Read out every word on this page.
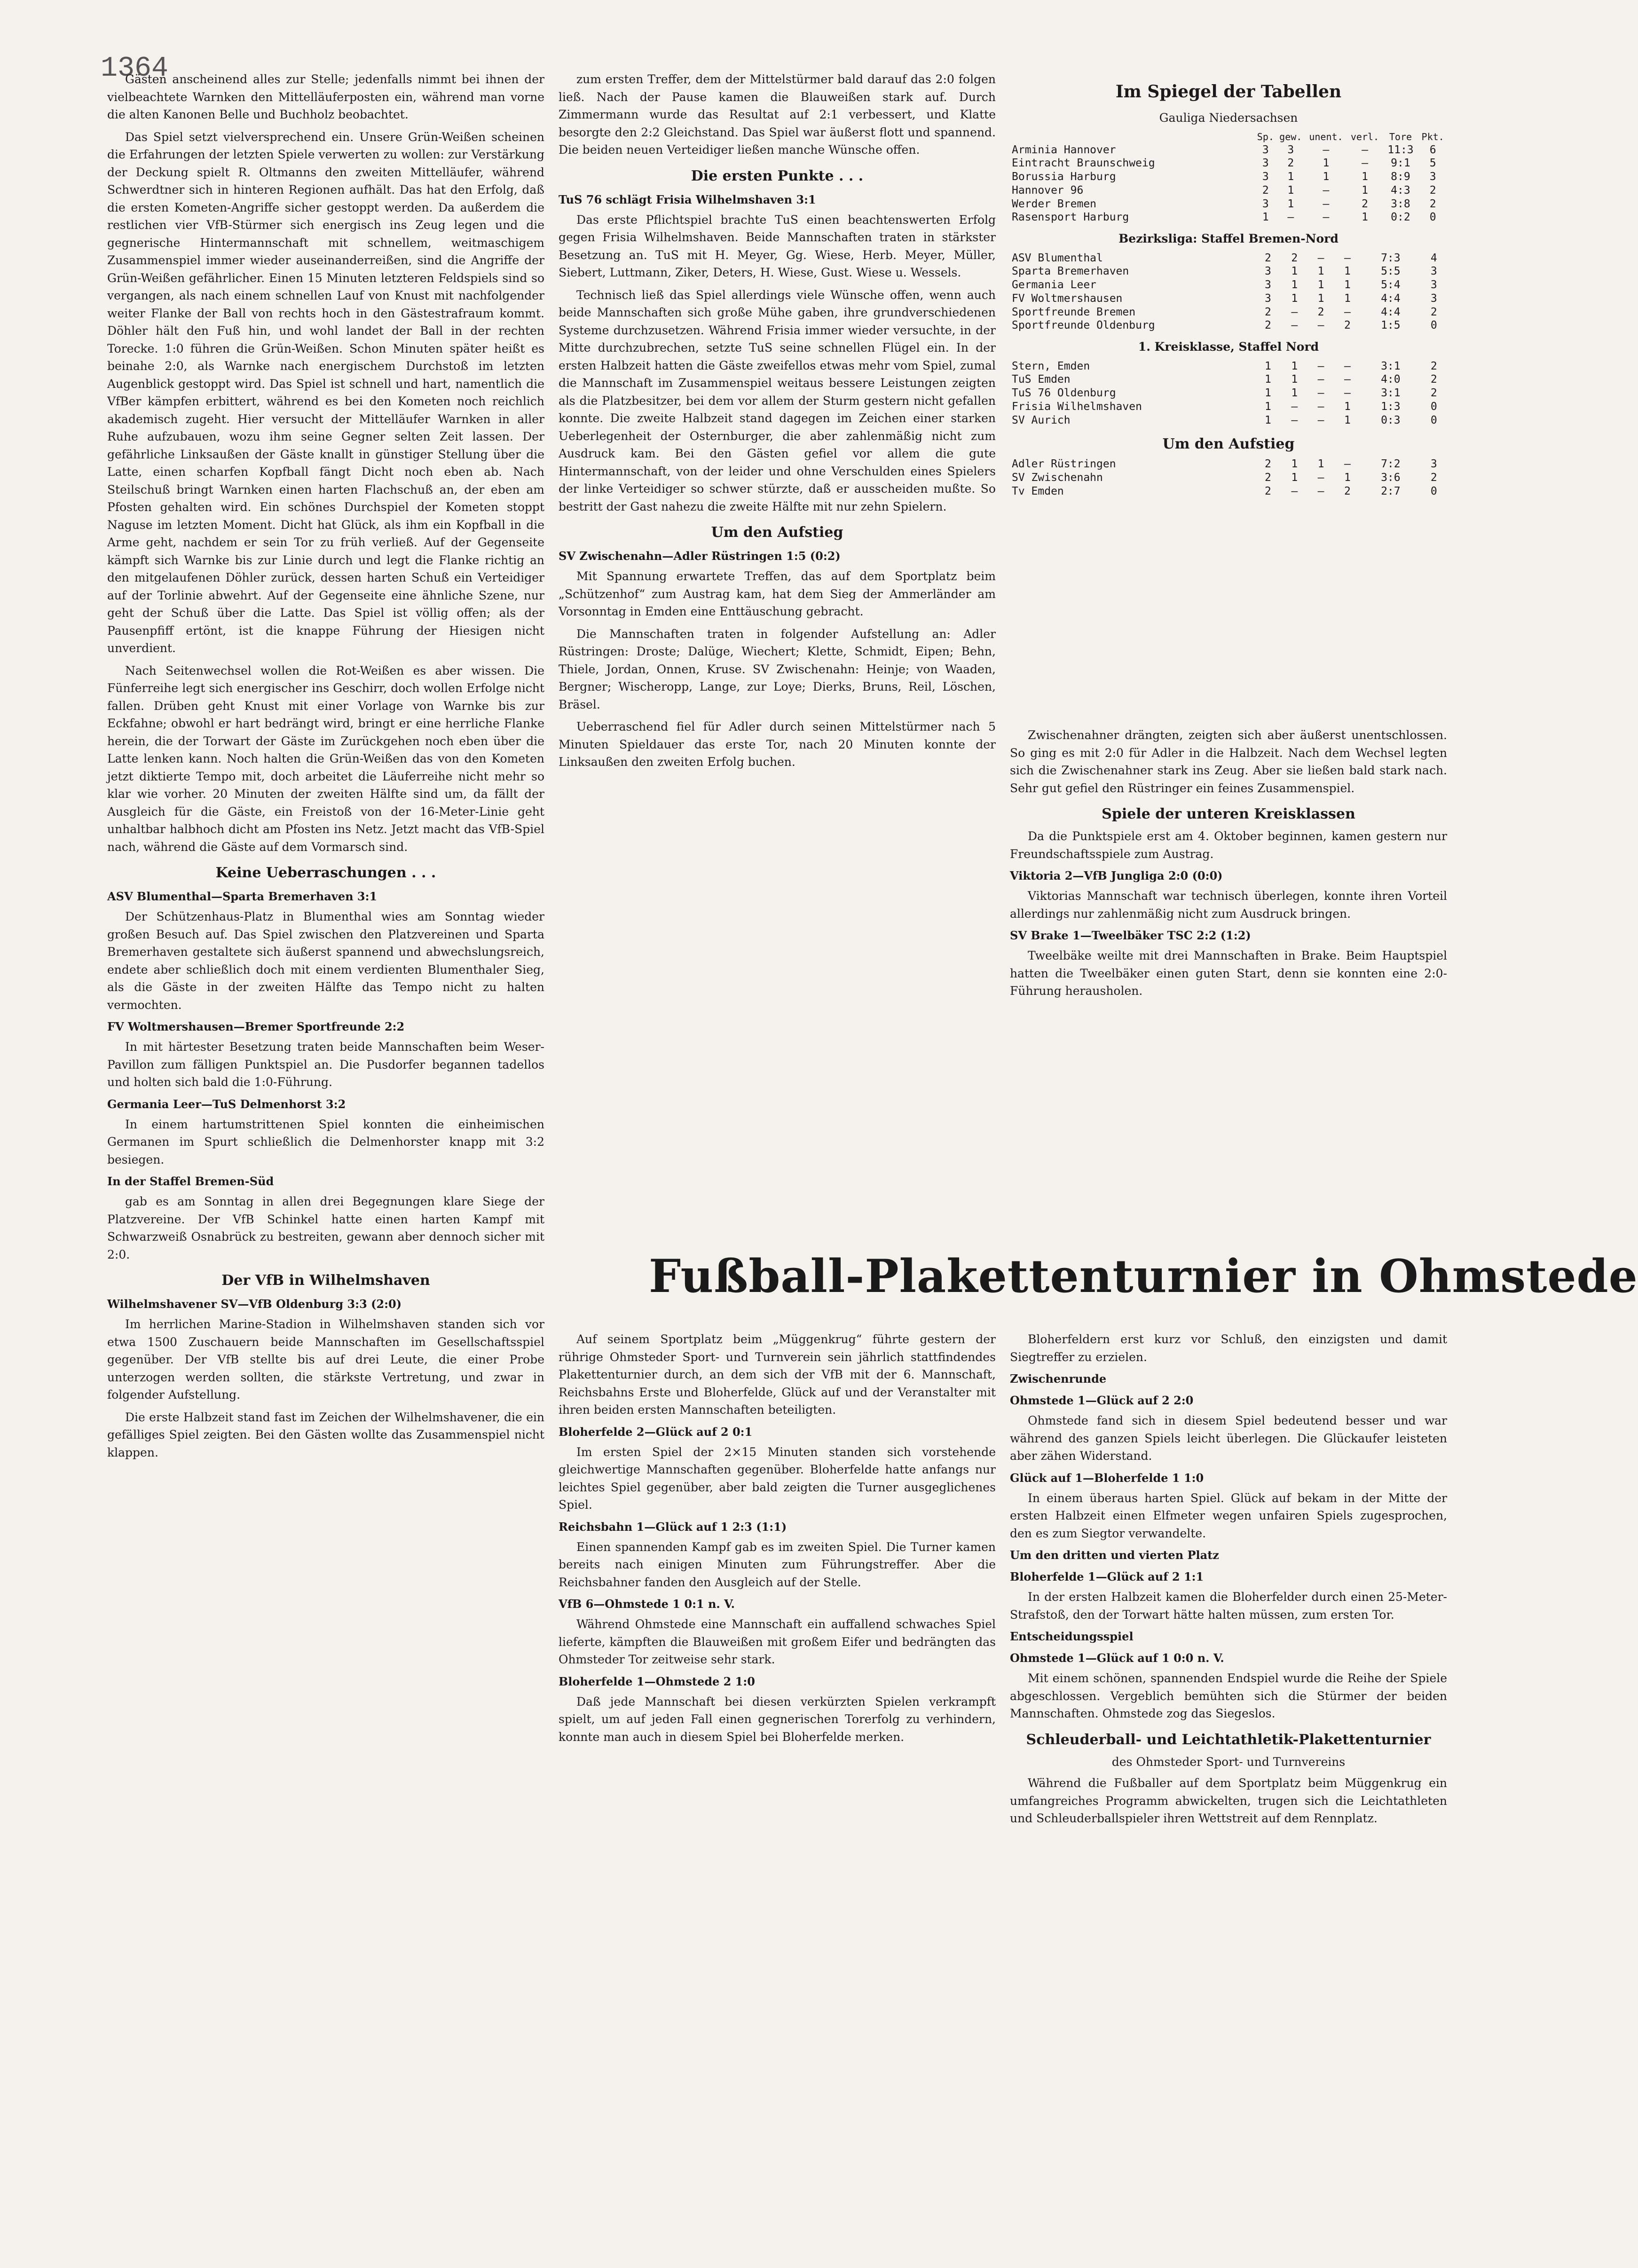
1364

Gästen anscheinend alles zur Stelle; jedenfalls nimmt bei ihnen der vielbeachtete Warnken den Mittelläuferposten ein, während man vorne die alten Kanonen Belle und Buchholz beobachtet.

Das Spiel setzt vielversprechend ein. Unsere Grün-Weißen scheinen die Erfahrungen der letzten Spiele verwerten zu wollen: zur Verstärkung der Deckung spielt R. Oltmanns den zweiten Mittelläufer, während Schwerdtner sich in hinteren Regionen aufhält. Das hat den Erfolg, daß die ersten Kometen-Angriffe sicher gestoppt werden. Da außerdem die restlichen vier VfB-Stürmer sich energisch ins Zeug legen und die gegnerische Hintermannschaft mit schnellem, weitmaschigem Zusammenspiel immer wieder auseinanderreißen, sind die Angriffe der Grün-Weißen gefährlicher. Einen 15 Minuten letzteren Feldspiels sind so vergangen, als nach einem schnellen Lauf von Knust mit nachfolgender weiter Flanke der Ball von rechts hoch in den Gästestrafraum kommt. Döhler hält den Fuß hin, und wohl landet der Ball in der rechten Torecke. 1:0 führen die Grün-Weißen. Schon Minuten später heißt es beinahe 2:0, als Warnke nach energischem Durchstoß im letzten Augenblick gestoppt wird. Das Spiel ist schnell und hart, namentlich die VfBer kämpfen erbittert, während es bei den Kometen noch reichlich akademisch zugeht. Hier versucht der Mittelläufer Warnken in aller Ruhe aufzubauen, wozu ihm seine Gegner selten Zeit lassen. Der gefährliche Linksaußen der Gäste knallt in günstiger Stellung über die Latte, einen scharfen Kopfball fängt Dicht noch eben ab. Nach Steilschuß bringt Warnken einen harten Flachschuß an, der eben am Pfosten gehalten wird. Ein schönes Durchspiel der Kometen stoppt Naguse im letzten Moment. Dicht hat Glück, als ihm ein Kopfball in die Arme geht, nachdem er sein Tor zu früh verließ. Auf der Gegenseite kämpft sich Warnke bis zur Linie durch und legt die Flanke richtig an den mitgelaufenen Döhler zurück, dessen harten Schuß ein Verteidiger auf der Torlinie abwehrt. Auf der Gegenseite eine ähnliche Szene, nur geht der Schuß über die Latte. Das Spiel ist völlig offen; als der Pausenpfiff ertönt, ist die knappe Führung der Hiesigen nicht unverdient.

Nach Seitenwechsel wollen die Rot-Weißen es aber wissen. Die Fünferreihe legt sich energischer ins Geschirr, doch wollen Erfolge nicht fallen. Drüben geht Knust mit einer Vorlage von Warnke bis zur Eckfahne; obwohl er hart bedrängt wird, bringt er eine herrliche Flanke herein, die der Torwart der Gäste im Zurückgehen noch eben über die Latte lenken kann. Noch halten die Grün-Weißen das von den Kometen jetzt diktierte Tempo mit, doch arbeitet die Läuferreihe nicht mehr so klar wie vorher. 20 Minuten der zweiten Hälfte sind um, da fällt der Ausgleich für die Gäste, ein Freistoß von der 16-Meter-Linie geht unhaltbar halbhoch dicht am Pfosten ins Netz. Jetzt macht das VfB-Spiel nach, während die Gäste auf dem Vormarsch sind.

Keine Ueberraschungen . . .
ASV Blumenthal—Sparta Bremerhaven 3:1

Der Schützenhaus-Platz in Blumenthal wies am Sonntag wieder großen Besuch auf. Das Spiel zwischen den Platzvereinen und Sparta Bremerhaven gestaltete sich äußerst spannend und abwechslungsreich, endete aber schließlich doch mit einem verdienten Blumenthaler Sieg, als die Gäste in der zweiten Hälfte das Tempo nicht zu halten vermochten.

FV Woltmershausen—Bremer Sportfreunde 2:2

In mit härtester Besetzung traten beide Mannschaften beim Weser-Pavillon zum fälligen Punktspiel an. Die Pusdorfer begannen tadellos und holten sich bald die 1:0-Führung.

Germania Leer—TuS Delmenhorst 3:2

In einem hartumstrittenen Spiel konnten die einheimischen Germanen im Spurt schließlich die Delmenhorster knapp mit 3:2 besiegen.

In der Staffel Bremen-Süd

gab es am Sonntag in allen drei Begegnungen klare Siege der Platzvereine. Der VfB Schinkel hatte einen harten Kampf mit Schwarzweiß Osnabrück zu bestreiten, gewann aber dennoch sicher mit 2:0.

Der VfB in Wilhelmshaven
Wilhelmshavener SV—VfB Oldenburg 3:3 (2:0)

Im herrlichen Marine-Stadion in Wilhelmshaven standen sich vor etwa 1500 Zuschauern beide Mannschaften im Gesellschaftsspiel gegenüber. Der VfB stellte bis auf drei Leute, die einer Probe unterzogen werden sollten, die stärkste Vertretung, und zwar in folgender Aufstellung.

Die erste Halbzeit stand fast im Zeichen der Wilhelmshavener, die ein gefälliges Spiel zeigten. Bei den Gästen wollte das Zusammenspiel nicht klappen.

zum ersten Treffer, dem der Mittelstürmer bald darauf das 2:0 folgen ließ. Nach der Pause kamen die Blauweißen stark auf. Durch Zimmermann wurde das Resultat auf 2:1 verbessert, und Klatte besorgte den 2:2 Gleichstand. Das Spiel war äußerst flott und spannend. Die beiden neuen Verteidiger ließen manche Wünsche offen.

Die ersten Punkte . . .
TuS 76 schlägt Frisia Wilhelmshaven 3:1

Das erste Pflichtspiel brachte TuS einen beachtenswerten Erfolg gegen Frisia Wilhelmshaven. Beide Mannschaften traten in stärkster Besetzung an. TuS mit H. Meyer, Gg. Wiese, Herb. Meyer, Müller, Siebert, Luttmann, Ziker, Deters, H. Wiese, Gust. Wiese u. Wessels.

Technisch ließ das Spiel allerdings viele Wünsche offen, wenn auch beide Mannschaften sich große Mühe gaben, ihre grundverschiedenen Systeme durchzusetzen. Während Frisia immer wieder versuchte, in der Mitte durchzubrechen, setzte TuS seine schnellen Flügel ein. In der ersten Halbzeit hatten die Gäste zweifellos etwas mehr vom Spiel, zumal die Mannschaft im Zusammenspiel weitaus bessere Leistungen zeigten als die Platzbesitzer, bei dem vor allem der Sturm gestern nicht gefallen konnte. Die zweite Halbzeit stand dagegen im Zeichen einer starken Ueberlegenheit der Osternburger, die aber zahlenmäßig nicht zum Ausdruck kam. Bei den Gästen gefiel vor allem die gute Hintermannschaft, von der leider und ohne Verschulden eines Spielers der linke Verteidiger so schwer stürzte, daß er ausscheiden mußte. So bestritt der Gast nahezu die zweite Hälfte mit nur zehn Spielern.

Um den Aufstieg
SV Zwischenahn—Adler Rüstringen 1:5 (0:2)

Mit Spannung erwartete Treffen, das auf dem Sportplatz beim „Schützenhof“ zum Austrag kam, hat dem Sieg der Ammerländer am Vorsonntag in Emden eine Enttäuschung gebracht.

Die Mannschaften traten in folgender Aufstellung an: Adler Rüstringen: Droste; Dalüge, Wiechert; Klette, Schmidt, Eipen; Behn, Thiele, Jordan, Onnen, Kruse. SV Zwischenahn: Heinje; von Waaden, Bergner; Wischeropp, Lange, zur Loye; Dierks, Bruns, Reil, Löschen, Bräsel.

Ueberraschend fiel für Adler durch seinen Mittelstürmer nach 5 Minuten Spieldauer das erste Tor, nach 20 Minuten konnte der Linksaußen den zweiten Erfolg buchen.

Im Spiegel der Tabellen
Gauliga Niedersachsen
	Sp.	gew.	unent.	verl.	Tore	Pkt.
Arminia Hannover	3	3	—	—	11:3	6
Eintracht Braunschweig	3	2	1	—	9:1	5
Borussia Harburg	3	1	1	1	8:9	3
Hannover 96	2	1	—	1	4:3	2
Werder Bremen	3	1	—	2	3:8	2
Rasensport Harburg	1	—	—	1	0:2	0
Bezirksliga: Staffel Bremen-Nord
ASV Blumenthal	2	2	—	—	7:3	4
Sparta Bremerhaven	3	1	1	1	5:5	3
Germania Leer	3	1	1	1	5:4	3
FV Woltmershausen	3	1	1	1	4:4	3
Sportfreunde Bremen	2	—	2	—	4:4	2
Sportfreunde Oldenburg	2	—	—	2	1:5	0
1. Kreisklasse, Staffel Nord
Stern, Emden	1	1	—	—	3:1	2
TuS Emden	1	1	—	—	4:0	2
TuS 76 Oldenburg	1	1	—	—	3:1	2
Frisia Wilhelmshaven	1	—	—	1	1:3	0
SV Aurich	1	—	—	1	0:3	0
Um den Aufstieg
Adler Rüstringen	2	1	1	—	7:2	3
SV Zwischenahn	2	1	—	1	3:6	2
Tv Emden	2	—	—	2	2:7	0

Zwischenahner drängten, zeigten sich aber äußerst unentschlossen. So ging es mit 2:0 für Adler in die Halbzeit. Nach dem Wechsel legten sich die Zwischenahner stark ins Zeug. Aber sie ließen bald stark nach. Sehr gut gefiel den Rüstringer ein feines Zusammenspiel.

Spiele der unteren Kreisklassen

Da die Punktspiele erst am 4. Oktober beginnen, kamen gestern nur Freundschaftsspiele zum Austrag.

Viktoria 2—VfB Jungliga 2:0 (0:0)

Viktorias Mannschaft war technisch überlegen, konnte ihren Vorteil allerdings nur zahlenmäßig nicht zum Ausdruck bringen.

SV Brake 1—Tweelbäker TSC 2:2 (1:2)

Tweelbäke weilte mit drei Mannschaften in Brake. Beim Hauptspiel hatten die Tweelbäker einen guten Start, denn sie konnten eine 2:0-Führung herausholen.

Fußball-Plakettenturnier in Ohmstede

Auf seinem Sportplatz beim „Müggenkrug“ führte gestern der rührige Ohmsteder Sport- und Turnverein sein jährlich stattfindendes Plakettenturnier durch, an dem sich der VfB mit der 6. Mannschaft, Reichsbahns Erste und Bloherfelde, Glück auf und der Veranstalter mit ihren beiden ersten Mannschaften beteiligten.

Bloherfelde 2—Glück auf 2 0:1

Im ersten Spiel der 2×15 Minuten standen sich vorstehende gleichwertige Mannschaften gegenüber. Bloherfelde hatte anfangs nur leichtes Spiel gegenüber, aber bald zeigten die Turner ausgeglichenes Spiel.

Reichsbahn 1—Glück auf 1 2:3 (1:1)

Einen spannenden Kampf gab es im zweiten Spiel. Die Turner kamen bereits nach einigen Minuten zum Führungstreffer. Aber die Reichsbahner fanden den Ausgleich auf der Stelle.

VfB 6—Ohmstede 1 0:1 n. V.

Während Ohmstede eine Mannschaft ein auffallend schwaches Spiel lieferte, kämpften die Blauweißen mit großem Eifer und bedrängten das Ohmsteder Tor zeitweise sehr stark.

Bloherfelde 1—Ohmstede 2 1:0

Daß jede Mannschaft bei diesen verkürzten Spielen verkrampft spielt, um auf jeden Fall einen gegnerischen Torerfolg zu verhindern, konnte man auch in diesem Spiel bei Bloherfelde merken.

Bloherfeldern erst kurz vor Schluß, den einzigsten und damit Siegtreffer zu erzielen.

Zwischenrunde
Ohmstede 1—Glück auf 2 2:0

Ohmstede fand sich in diesem Spiel bedeutend besser und war während des ganzen Spiels leicht überlegen. Die Glückaufer leisteten aber zähen Widerstand.

Glück auf 1—Bloherfelde 1 1:0

In einem überaus harten Spiel. Glück auf bekam in der Mitte der ersten Halbzeit einen Elfmeter wegen unfairen Spiels zugesprochen, den es zum Siegtor verwandelte.

Um den dritten und vierten Platz
Bloherfelde 1—Glück auf 2 1:1

In der ersten Halbzeit kamen die Bloherfelder durch einen 25-Meter-Strafstoß, den der Torwart hätte halten müssen, zum ersten Tor.

Entscheidungsspiel
Ohmstede 1—Glück auf 1 0:0 n. V.

Mit einem schönen, spannenden Endspiel wurde die Reihe der Spiele abgeschlossen. Vergeblich bemühten sich die Stürmer der beiden Mannschaften. Ohmstede zog das Siegeslos.

Schleuderball- und Leichtathletik-Plakettenturnier
des Ohmsteder Sport- und Turnvereins

Während die Fußballer auf dem Sportplatz beim Müggenkrug ein umfangreiches Programm abwickelten, trugen sich die Leichtathleten und Schleuderballspieler ihren Wettstreit auf dem Rennplatz.
